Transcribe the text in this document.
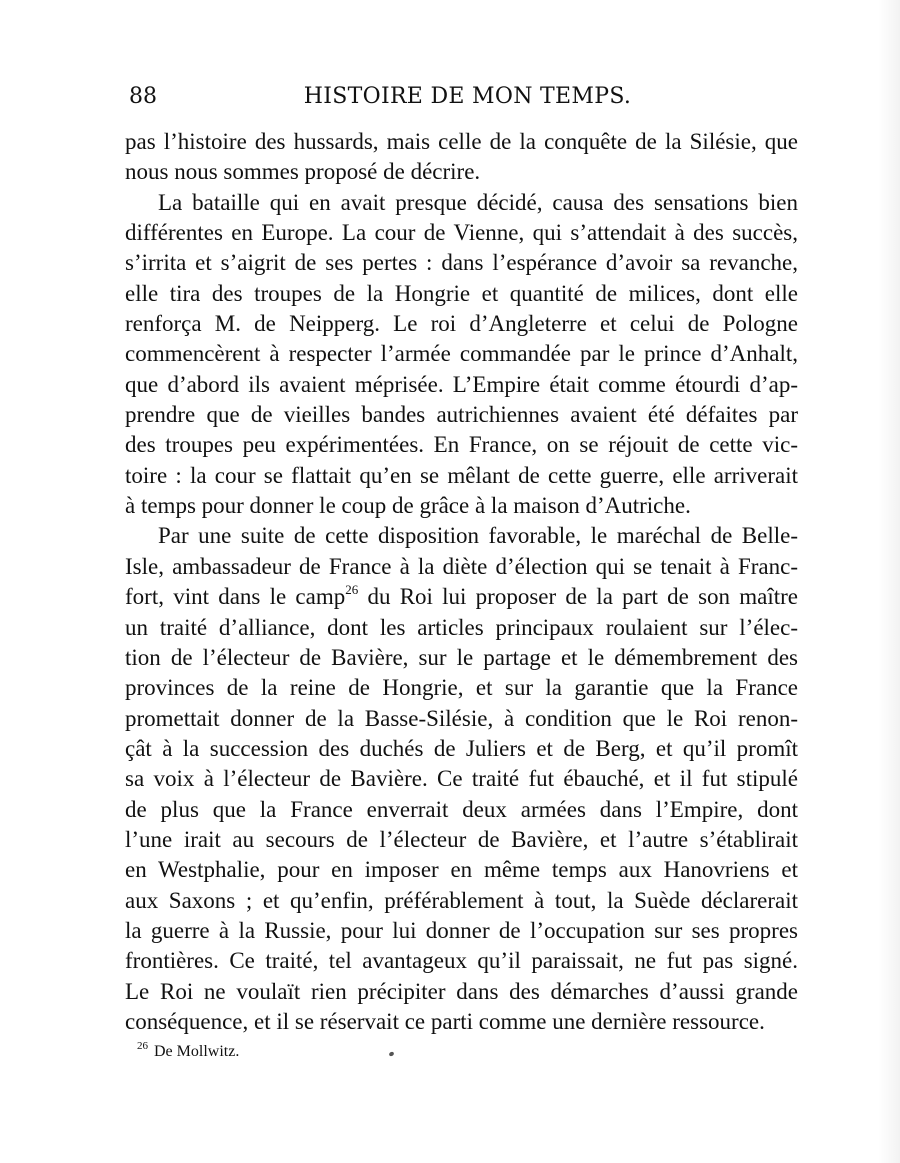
88	HISTOIRE DE MON TEMPS.
pas l’histoire des hussards, mais celle de la conquête de la Silésie, que
nous nous sommes proposé de décrire.
La bataille qui en avait presque décidé, causa des sensations bien
différentes en Europe. La cour de Vienne, qui s’attendait à des succès,
s’irrita et s’aigrit de ses pertes : dans l’espérance d’avoir sa revanche,
elle tira des troupes de la Hongrie et quantité de milices, dont elle
renforça M. de Neipperg. Le roi d’Angleterre et celui de Pologne
commencèrent à respecter l’armée commandée par le prince d’Anhalt,
que d’abord ils avaient méprisée. L’Empire était comme étourdi d’ap-
prendre que de vieilles bandes autrichiennes avaient été défaites par
des troupes peu expérimentées. En France, on se réjouit de cette vic-
toire : la cour se flattait qu’en se mêlant de cette guerre, elle arriverait
à temps pour donner le coup de grâce à la maison d’Autriche.
Par une suite de cette disposition favorable, le maréchal de Belle-
Isle, ambassadeur de France à la diète d’élection qui se tenait à Franc-
fort, vint dans le camp$^{26}$ du Roi lui proposer de la part de son maître
un traité d’alliance, dont les articles principaux roulaient sur l’élec-
tion de l’électeur de Bavière, sur le partage et le démembrement des
provinces de la reine de Hongrie, et sur la garantie que la France
promettait donner de la Basse-Silésie, à condition que le Roi renon-
çât à la succession des duchés de Juliers et de Berg, et qu’il promît
sa voix à l’électeur de Bavière. Ce traité fut ébauché, et il fut stipulé
de plus que la France enverrait deux armées dans l’Empire, dont
l’une irait au secours de l’électeur de Bavière, et l’autre s’établirait
en Westphalie, pour en imposer en même temps aux Hanovriens et
aux Saxons ; et qu’enfin, préférablement à tout, la Suède déclarerait
la guerre à la Russie, pour lui donner de l’occupation sur ses propres
frontières. Ce traité, tel avantageux qu’il paraissait, ne fut pas signé.
Le Roi ne voulaït rien précipiter dans des démarches d’aussi grande
conséquence, et il se réservait ce parti comme une dernière ressource.
$^{26}$ De Mollwitz.
